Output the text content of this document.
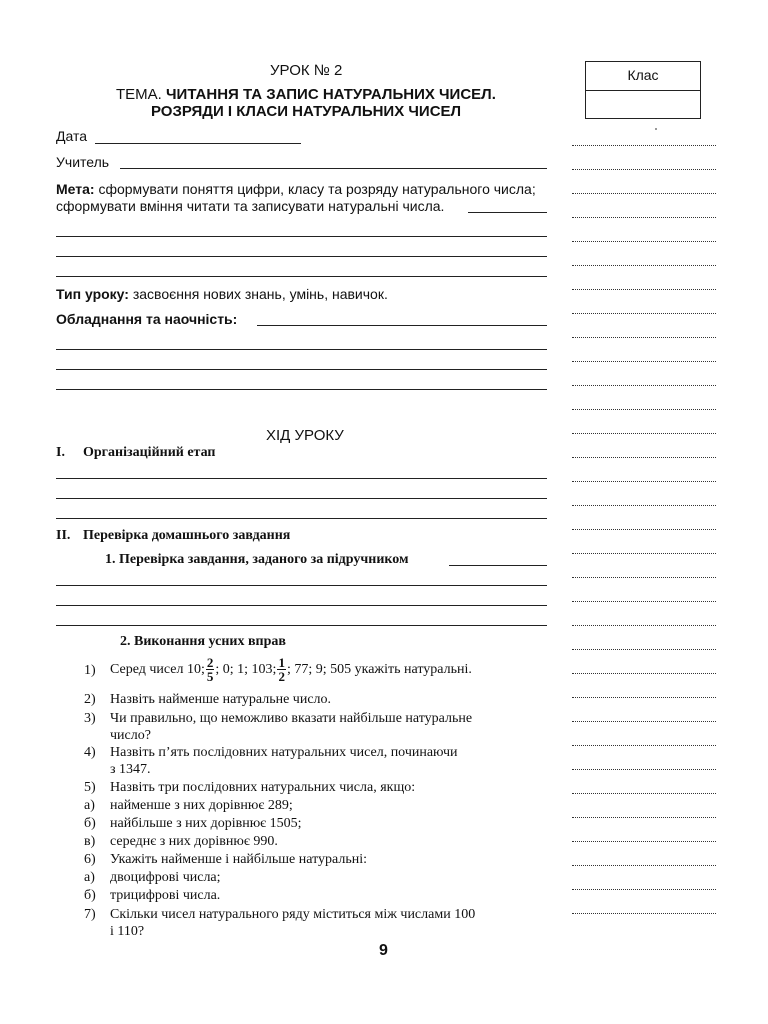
УРОК № 2
ТЕМА. ЧИТАННЯ ТА ЗАПИС НАТУРАЛЬНИХ ЧИСЕЛ.
РОЗРЯДИ І КЛАСИ НАТУРАЛЬНИХ ЧИСЕЛ
Клас
Дата
Учитель
Мета: сформувати поняття цифри, класу та розряду натурального числа;
сформувати вміння читати та записувати натуральні числа.
Тип уроку: засвоєння нових знань, умінь, навичок.
Обладнання та наочність:
ХІД УРОКУ
I. Організаційний етап
II. Перевірка домашнього завдання
1. Перевірка завдання, заданого за підручником
2. Виконання усних вправ
1)	Серед чисел 10; $\frac{2}{5}$ ; 0; 1; 103; $\frac{1}{2}$ ; 77; 9; 505 укажіть натуральні.
2)	Назвіть найменше натуральне число.
3)	Чи правильно, що неможливо вказати найбільше натуральне
число?
4)	Назвіть п’ять послідовних натуральних чисел, починаючи
з 1347.
5)	Назвіть три послідовних натуральних числа, якщо:
а)	найменше з них дорівнює 289;
б)	найбільше з них дорівнює 1505;
в)	середнє з них дорівнює 990.
6)	Укажіть найменше і найбільше натуральні:
а)	двоцифрові числа;
б)	трицифрові числа.
7)	Скільки чисел натурального ряду міститься між числами 100
і 110?
9
